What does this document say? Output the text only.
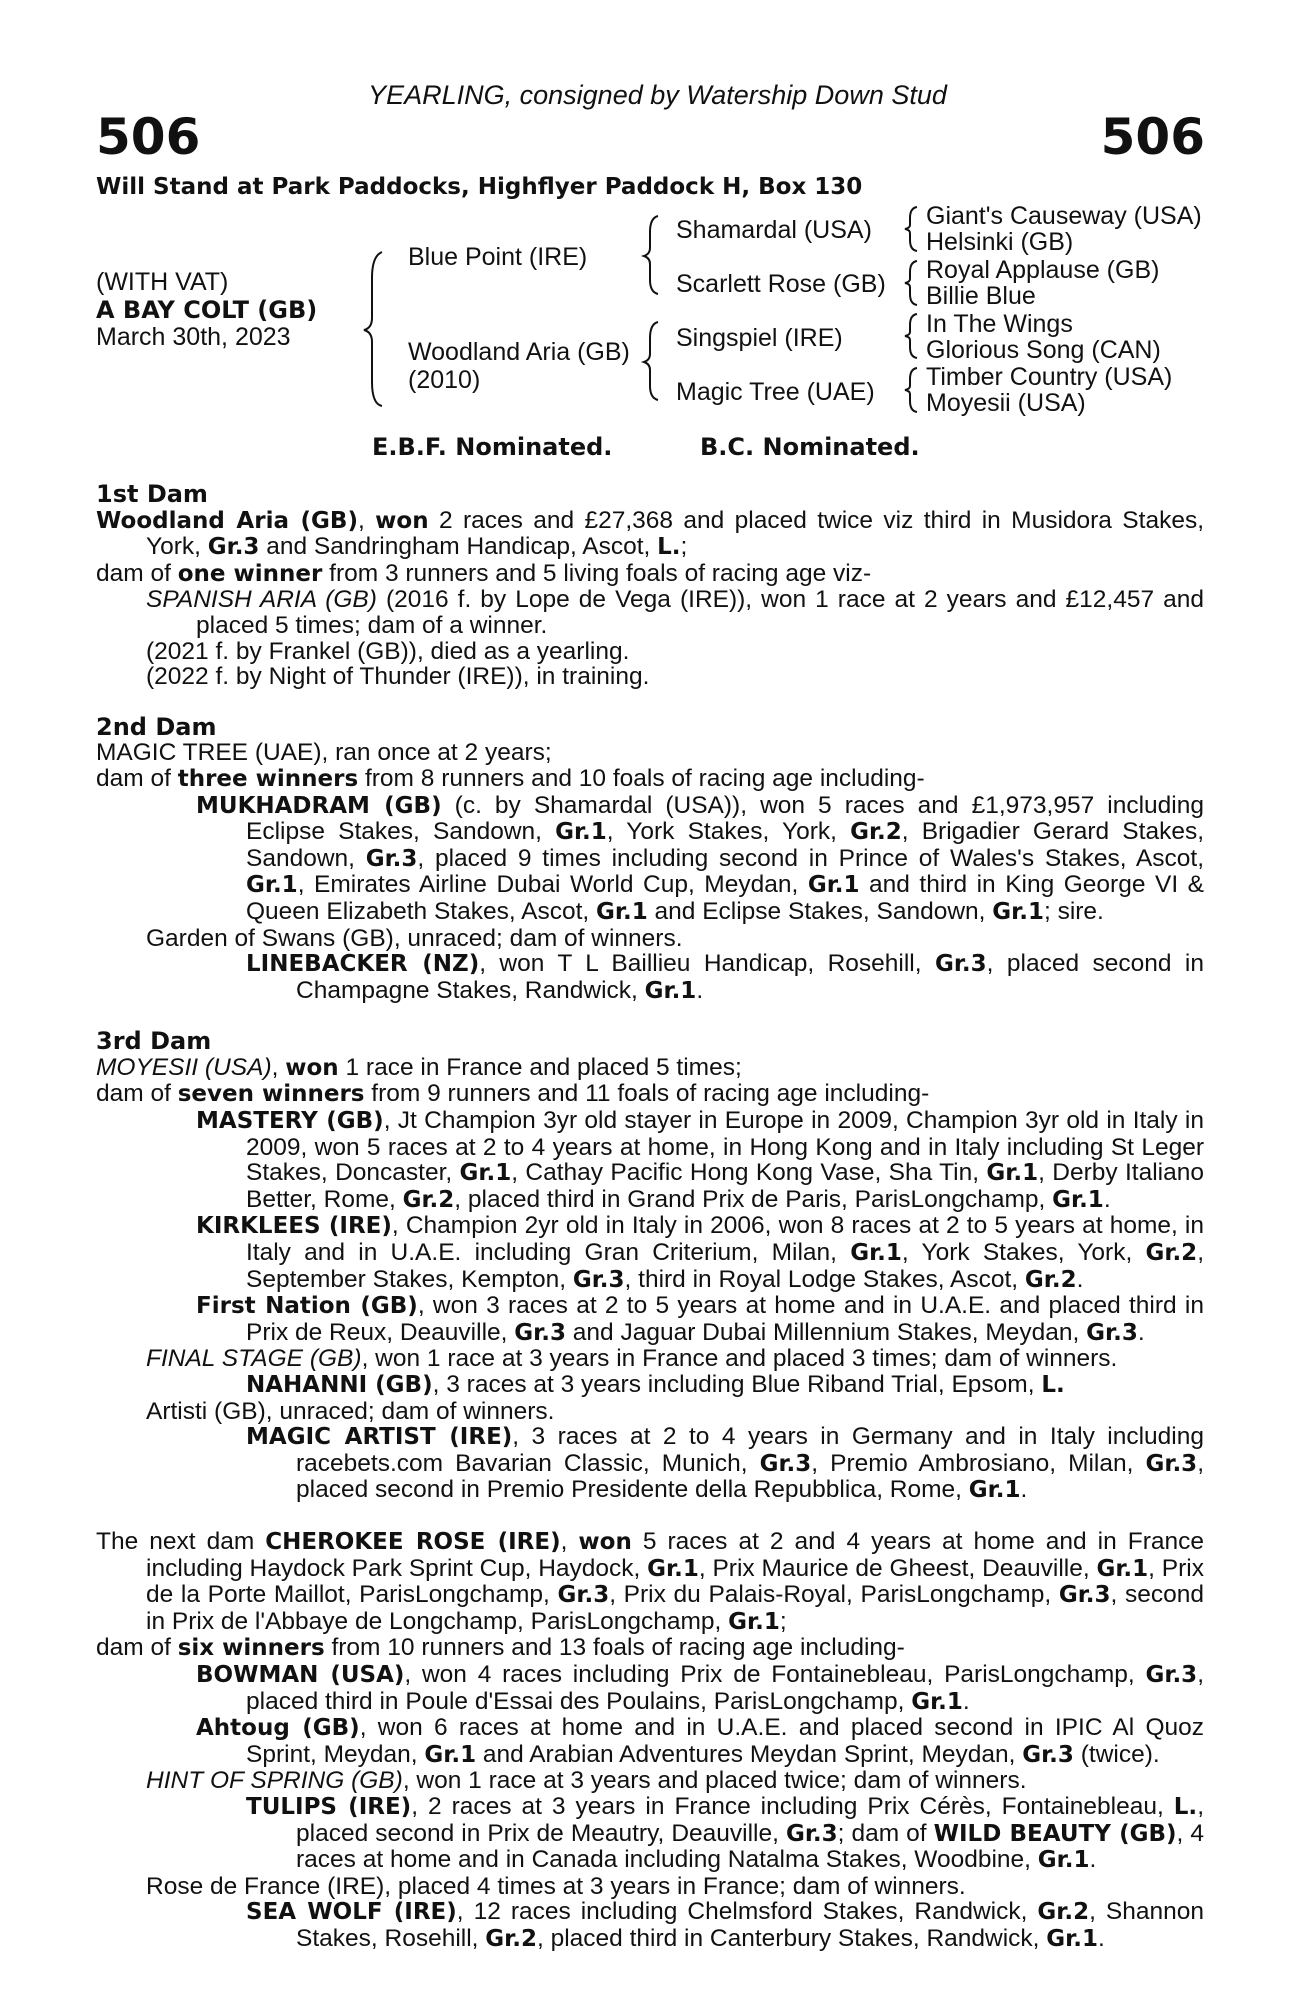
YEARLING, consigned by Watership Down Stud
506	506
Will Stand at Park Paddocks, Highflyer Paddock H, Box 130
(WITH VAT)
A BAY COLT (GB)
March 30th, 2023
Blue Point (IRE)
Woodland Aria (GB)
(2010)
Shamardal (USA)
Scarlett Rose (GB)
Singspiel (IRE)
Magic Tree (UAE)
Giant's Causeway (USA)
Helsinki (GB)
Royal Applause (GB)
Billie Blue
In The Wings
Glorious Song (CAN)
Timber Country (USA)
Moyesii (USA)
E.B.F. Nominated.	B.C. Nominated.
1st Dam

Woodland Aria (GB), won 2 races and £27,368 and placed twice viz third in Musidora Stakes, York, Gr.3 and Sandringham Handicap, Ascot, L.;

dam of one winner from 3 runners and 5 living foals of racing age viz-

SPANISH ARIA (GB) (2016 f. by Lope de Vega (IRE)), won 1 race at 2 years and £12,457 and placed 5 times; dam of a winner.

(2021 f. by Frankel (GB)), died as a yearling.

(2022 f. by Night of Thunder (IRE)), in training.

2nd Dam

MAGIC TREE (UAE), ran once at 2 years;

dam of three winners from 8 runners and 10 foals of racing age including-

MUKHADRAM (GB) (c. by Shamardal (USA)), won 5 races and £1,973,957 including Eclipse Stakes, Sandown, Gr.1, York Stakes, York, Gr.2, Brigadier Gerard Stakes, Sandown, Gr.3, placed 9 times including second in Prince of Wales's Stakes, Ascot, Gr.1, Emirates Airline Dubai World Cup, Meydan, Gr.1 and third in King George VI & Queen Elizabeth Stakes, Ascot, Gr.1 and Eclipse Stakes, Sandown, Gr.1; sire.

Garden of Swans (GB), unraced; dam of winners.

LINEBACKER (NZ), won T L Baillieu Handicap, Rosehill, Gr.3, placed second in Champagne Stakes, Randwick, Gr.1.

3rd Dam

MOYESII (USA), won 1 race in France and placed 5 times;

dam of seven winners from 9 runners and 11 foals of racing age including-

MASTERY (GB), Jt Champion 3yr old stayer in Europe in 2009, Champion 3yr old in Italy in 2009, won 5 races at 2 to 4 years at home, in Hong Kong and in Italy including St Leger Stakes, Doncaster, Gr.1, Cathay Pacific Hong Kong Vase, Sha Tin, Gr.1, Derby Italiano Better, Rome, Gr.2, placed third in Grand Prix de Paris, ParisLongchamp, Gr.1.

KIRKLEES (IRE), Champion 2yr old in Italy in 2006, won 8 races at 2 to 5 years at home, in Italy and in U.A.E. including Gran Criterium, Milan, Gr.1, York Stakes, York, Gr.2, September Stakes, Kempton, Gr.3, third in Royal Lodge Stakes, Ascot, Gr.2.

First Nation (GB), won 3 races at 2 to 5 years at home and in U.A.E. and placed third in Prix de Reux, Deauville, Gr.3 and Jaguar Dubai Millennium Stakes, Meydan, Gr.3.

FINAL STAGE (GB), won 1 race at 3 years in France and placed 3 times; dam of winners.

NAHANNI (GB), 3 races at 3 years including Blue Riband Trial, Epsom, L.

Artisti (GB), unraced; dam of winners.

MAGIC ARTIST (IRE), 3 races at 2 to 4 years in Germany and in Italy including racebets.com Bavarian Classic, Munich, Gr.3, Premio Ambrosiano, Milan, Gr.3, placed second in Premio Presidente della Repubblica, Rome, Gr.1.

The next dam CHEROKEE ROSE (IRE), won 5 races at 2 and 4 years at home and in France including Haydock Park Sprint Cup, Haydock, Gr.1, Prix Maurice de Gheest, Deauville, Gr.1, Prix de la Porte Maillot, ParisLongchamp, Gr.3, Prix du Palais-Royal, ParisLongchamp, Gr.3, second in Prix de l'Abbaye de Longchamp, ParisLongchamp, Gr.1;

dam of six winners from 10 runners and 13 foals of racing age including-

BOWMAN (USA), won 4 races including Prix de Fontainebleau, ParisLongchamp, Gr.3, placed third in Poule d'Essai des Poulains, ParisLongchamp, Gr.1.

Ahtoug (GB), won 6 races at home and in U.A.E. and placed second in IPIC Al Quoz Sprint, Meydan, Gr.1 and Arabian Adventures Meydan Sprint, Meydan, Gr.3 (twice).

HINT OF SPRING (GB), won 1 race at 3 years and placed twice; dam of winners.

TULIPS (IRE), 2 races at 3 years in France including Prix Cérès, Fontainebleau, L., placed second in Prix de Meautry, Deauville, Gr.3; dam of WILD BEAUTY (GB), 4 races at home and in Canada including Natalma Stakes, Woodbine, Gr.1.

Rose de France (IRE), placed 4 times at 3 years in France; dam of winners.

SEA WOLF (IRE), 12 races including Chelmsford Stakes, Randwick, Gr.2, Shannon Stakes, Rosehill, Gr.2, placed third in Canterbury Stakes, Randwick, Gr.1.
